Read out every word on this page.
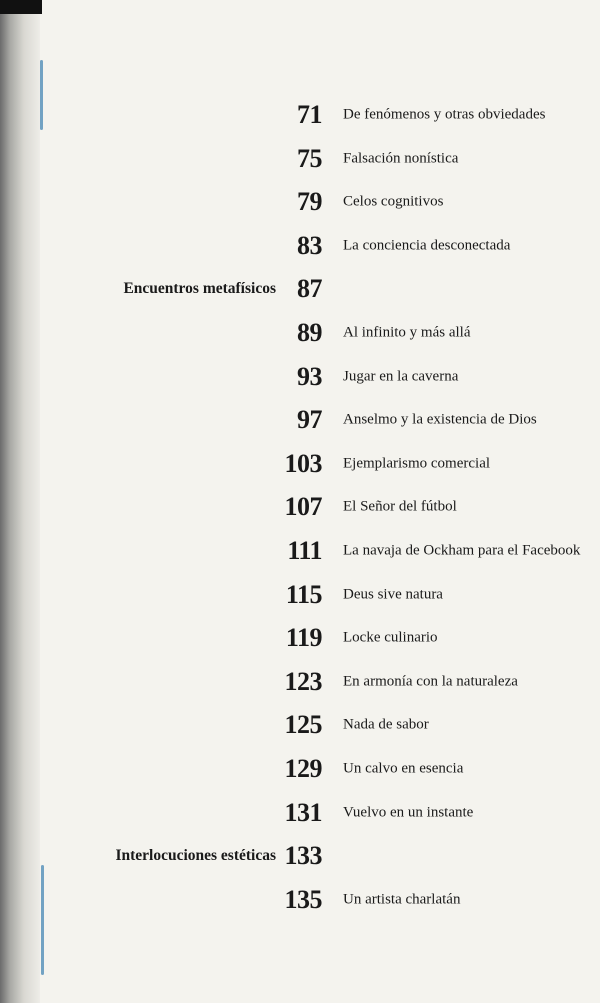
71 De fenómenos y otras obviedades
75 Falsación nonística
79 Celos cognitivos
83 La conciencia desconectada
Encuentros metafísicos 87
89 Al infinito y más allá
93 Jugar en la caverna
97 Anselmo y la existencia de Dios
103 Ejemplarismo comercial
107 El Señor del fútbol
111 La navaja de Ockham para el Facebook
115 Deus sive natura
119 Locke culinario
123 En armonía con la naturaleza
125 Nada de sabor
129 Un calvo en esencia
131 Vuelvo en un instante
Interlocuciones estéticas 133
135 Un artista charlatán
